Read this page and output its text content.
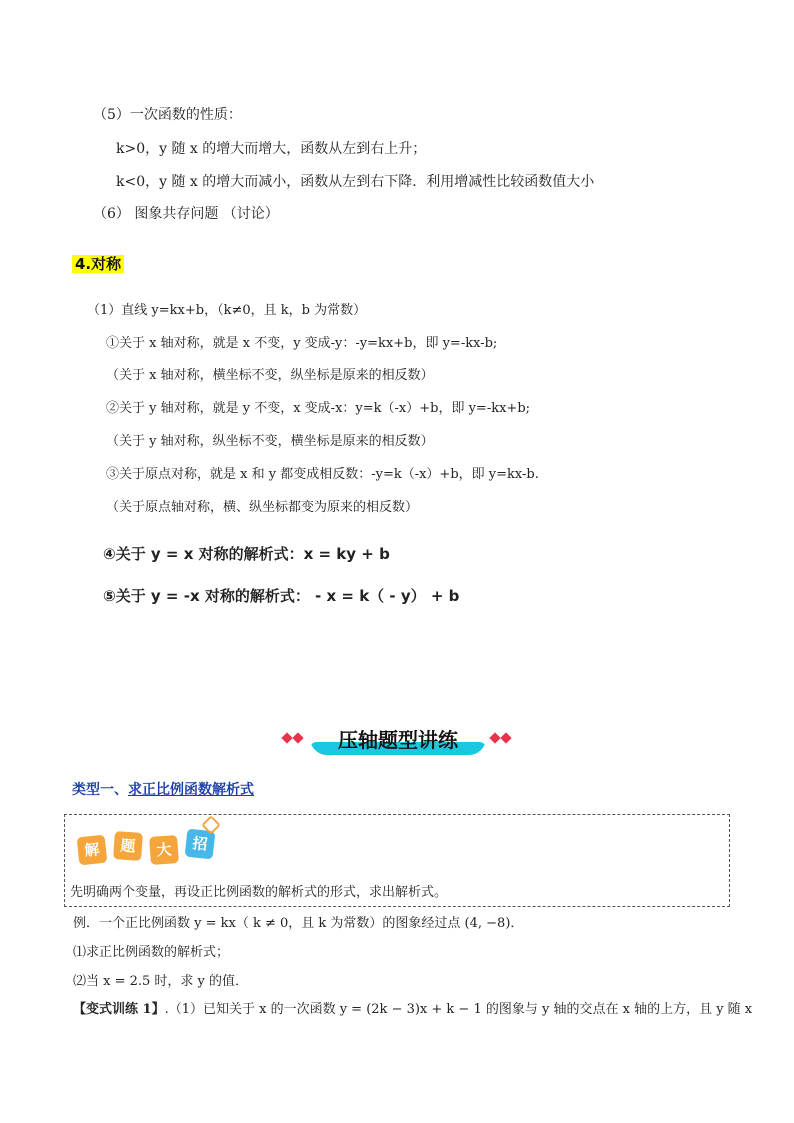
（5）一次函数的性质：
k>0，y 随 x 的增大而增大，函数从左到右上升；
k<0，y 随 x 的增大而减小，函数从左到右下降．利用增减性比较函数值大小
（6） 图象共存问题 （讨论）
4.对称
（1）直线 y=kx+b，（k≠0，且 k，b 为常数）
①关于 x 轴对称，就是 x 不变，y 变成-y：-y=kx+b，即 y=-kx-b;
（关于 x 轴对称，横坐标不变，纵坐标是原来的相反数）
②关于 y 轴对称，就是 y 不变，x 变成-x：y=k（-x）+b，即 y=-kx+b;
（关于 y 轴对称，纵坐标不变，横坐标是原来的相反数）
③关于原点对称，就是 x 和 y 都变成相反数：-y=k（-x）+b，即 y=kx-b.
（关于原点轴对称，横、纵坐标都变为原来的相反数）
④关于 y = x 对称的解析式：x = ky + b
⑤关于 y = -x 对称的解析式： - x = k（ - y） + b
压轴题型讲练
类型一、求正比例函数解析式
解	题	大	招
先明确两个变量，再设正比例函数的解析式的形式，求出解析式。
例．一个正比例函数 y = kx（ k ≠ 0，且 k 为常数）的图象经过点 (4, −8)．
⑴求正比例函数的解析式；
⑵当 x = 2.5 时，求 y 的值．
【变式训练 1】.（1）已知关于 x 的一次函数 y = (2k − 3)x + k − 1 的图象与 y 轴的交点在 x 轴的上方，且 y 随 x
